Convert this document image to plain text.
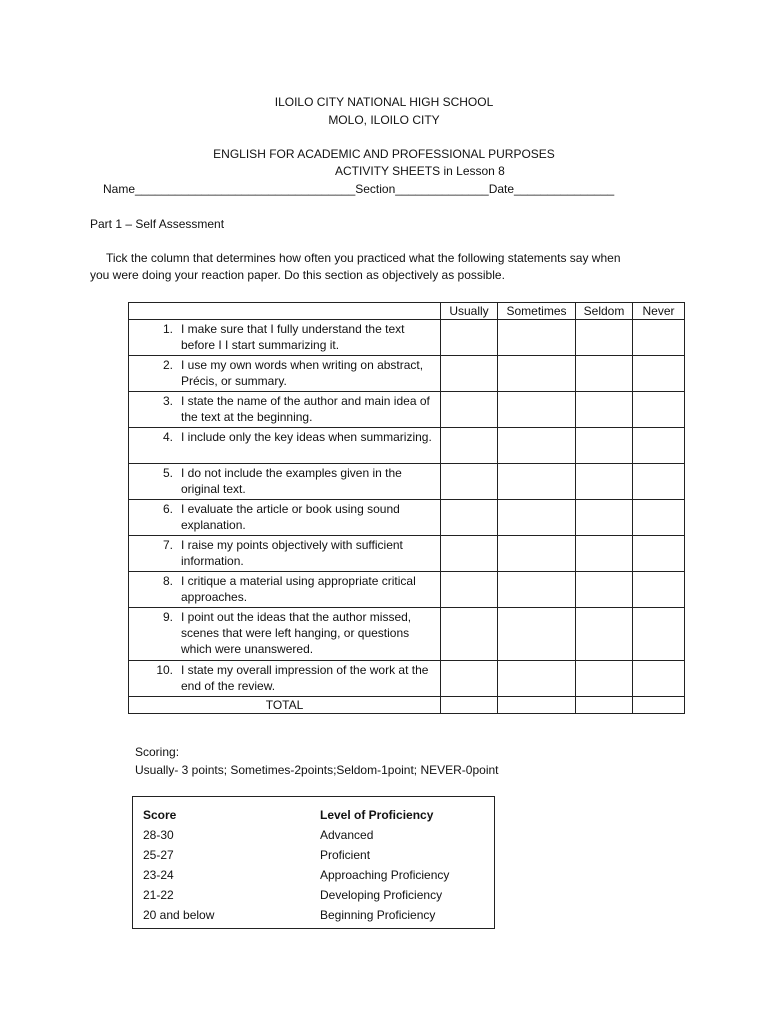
ILOILO CITY NATIONAL HIGH SCHOOL
MOLO, ILOILO CITY
ENGLISH FOR ACADEMIC AND PROFESSIONAL PURPOSES
ACTIVITY SHEETS in Lesson 8
Name_________________________________Section______________Date_______________
Part 1 – Self Assessment
Tick the column that determines how often you practiced what the following statements say when
you were doing your reaction paper. Do this section as objectively as possible.
	Usually	Sometimes	Seldom	Never

1. I make sure that I fully understand the text before I I start summarizing it.				

2. I use my own words when writing on abstract, Précis, or summary.				

3. I state the name of the author and main idea of the text at the beginning.				

4. I include only the key ideas when summarizing.				

5. I do not include the examples given in the original text.				

6. I evaluate the article or book using sound explanation.				

7. I raise my points objectively with sufficient information.				

8. I critique a material using appropriate critical approaches.				

9. I point out the ideas that the author missed, scenes that were left hanging, or questions which were unanswered.				

10. I state my overall impression of the work at the end of the review.				

TOTAL				
Scoring:
Usually- 3 points; Sometimes-2points;Seldom-1point; NEVER-0point
Score	Level of Proficiency
28-30	Advanced
25-27	Proficient
23-24	Approaching Proficiency
21-22	Developing Proficiency
20 and below	Beginning Proficiency
